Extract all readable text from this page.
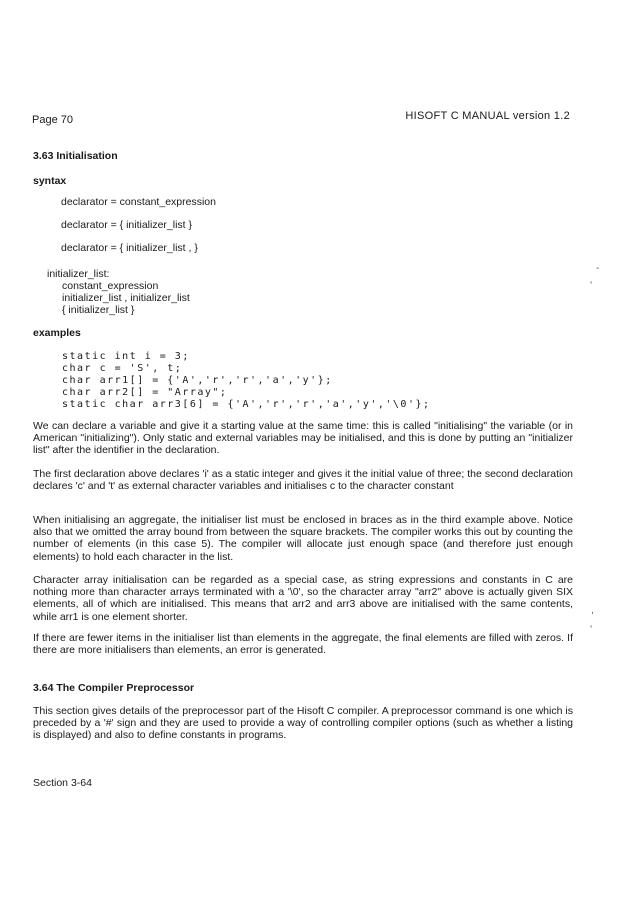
Page 70	HISOFT C MANUAL version 1.2
3.63 Initialisation
syntax
declarator = constant_expression
declarator = { initializer_list }
declarator = { initializer_list , }
initializer_list:
constant_expression
initializer_list , initializer_list
{ initializer_list }
examples
static int i = 3;
char c = 'S', t;
char arr1[] = {'A','r','r','a','y'};
char arr2[] = "Array";
static char arr3[6] = {'A','r','r','a','y','\0'};

We can declare a variable and give it a starting value at the same time: this is called "initialising" the variable (or in American "initializing"). Only static and external variables may be initialised, and this is done by putting an "initializer list" after the identifier in the declaration.

The first declaration above declares 'i' as a static integer and gives it the initial value of three; the second declaration declares 'c' and 't' as external character variables and initialises c to the character constant

When initialising an aggregate, the initialiser list must be enclosed in braces as in the third example above. Notice also that we omitted the array bound from between the square brackets. The compiler works this out by counting the number of elements (in this case 5). The compiler will allocate just enough space (and therefore just enough elements) to hold each character in the list.

Character array initialisation can be regarded as a special case, as string expressions and constants in C are nothing more than character arrays terminated with a '\0', so the character array "arr2" above is actually given SIX elements, all of which are initialised. This means that arr2 and arr3 above are initialised with the same contents, while arr1 is one element shorter.

If there are fewer items in the initialiser list than elements in the aggregate, the final elements are filled with zeros. If there are more initialisers than elements, an error is generated.

3.64 The Compiler Preprocessor

This section gives details of the preprocessor part of the Hisoft C compiler. A preprocessor command is one which is preceded by a '#' sign and they are used to provide a way of controlling compiler options (such as whether a listing is displayed) and also to define constants in programs.

Section 3-64
-
‘
,
‘
